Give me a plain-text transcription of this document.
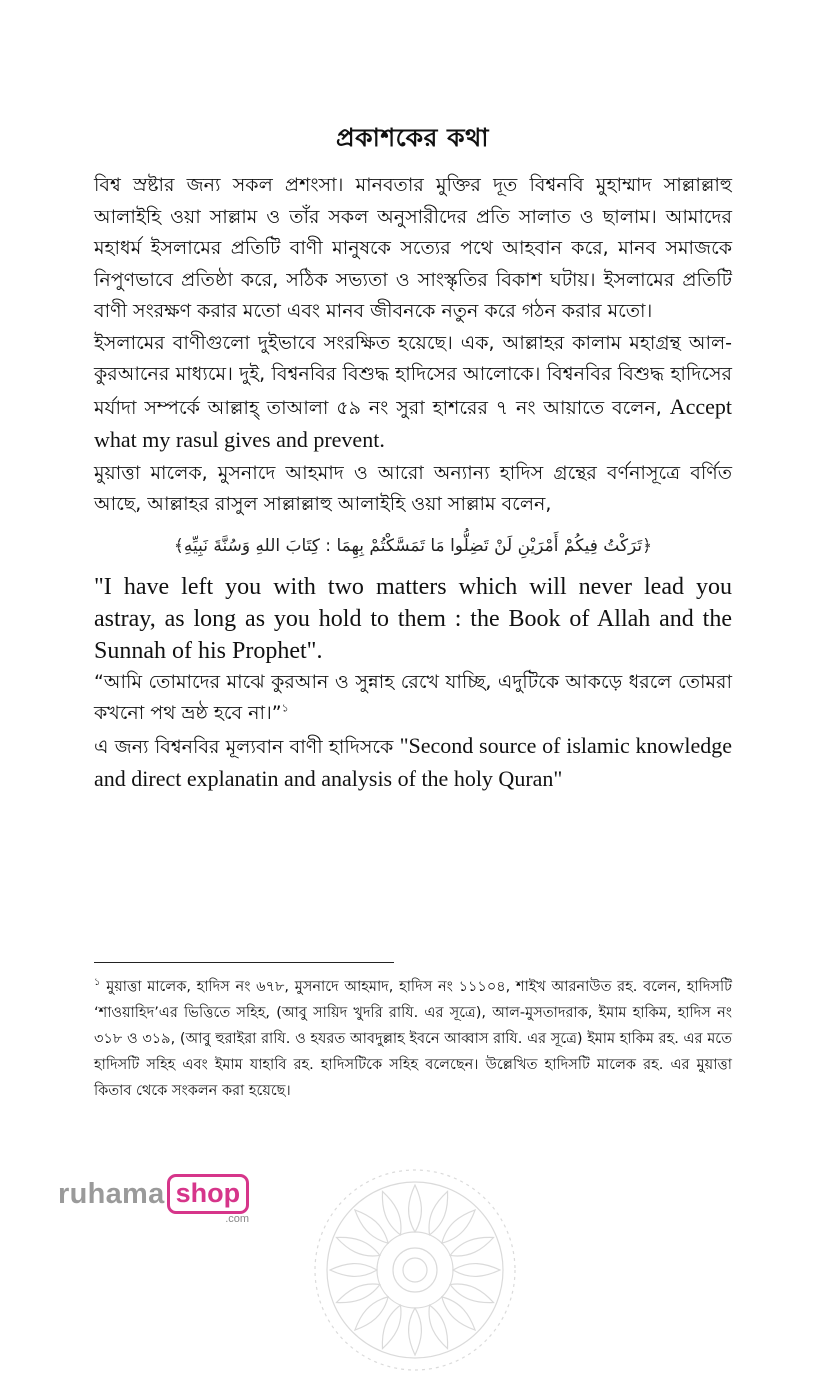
প্রকাশকের কথা

বিশ্ব স্রষ্টার জন্য সকল প্রশংসা। মানবতার মুক্তির দূত বিশ্বনবি মুহাম্মাদ সাল্লাল্লাহু আলাইহি ওয়া সাল্লাম ও তাঁর সকল অনুসারীদের প্রতি সালাত ও ছালাম। আমাদের মহাধর্ম ইসলামের প্রতিটি বাণী মানুষকে সত্যের পথে আহবান করে, মানব সমাজকে নিপুণভাবে প্রতিষ্ঠা করে, সঠিক সভ্যতা ও সাংস্কৃতির বিকাশ ঘটায়। ইসলামের প্রতিটি বাণী সংরক্ষণ করার মতো এবং মানব জীবনকে নতুন করে গঠন করার মতো।

ইসলামের বাণীগুলো দুইভাবে সংরক্ষিত হয়েছে। এক, আল্লাহর কালাম মহাগ্রন্থ আল-কুরআনের মাধ্যমে। দুই, বিশ্বনবির বিশুদ্ধ হাদিসের আলোকে। বিশ্বনবির বিশুদ্ধ হাদিসের মর্যাদা সম্পর্কে আল্লাহ্ তাআলা ৫৯ নং সুরা হাশরের ৭ নং আয়াতে বলেন, Accept what my rasul gives and prevent.

মুয়াত্তা মালেক, মুসনাদে আহমাদ ও আরো অন্যান্য হাদিস গ্রন্থের বর্ণনাসূত্রে বর্ণিত আছে, আল্লাহর রাসুল সাল্লাল্লাহু আলাইহি ওয়া সাল্লাম বলেন,

﴿تَرَكْتُ فِيكُمْ أَمْرَيْنِ لَنْ تَضِلُّوا مَا تَمَسَّكْتُمْ بِهِمَا : كِتَابَ اللهِ وَسُنَّةَ نَبِيِّهِ﴾

"I have left you with two matters which will never lead you astray, as long as you hold to them : the Book of Allah and the Sunnah of his Prophet".

“আমি তোমাদের মাঝে কুরআন ও সুন্নাহ রেখে যাচ্ছি, এদুটিকে আকড়ে ধরলে তোমরা কখনো পথ ভ্রষ্ঠ হবে না।”$^১$

এ জন্য বিশ্বনবির মূল্যবান বাণী হাদিসকে "Second source of islamic knowledge and direct explanatin and analysis of the holy Quran"

$^১$ মুয়াত্তা মালেক, হাদিস নং ৬৭৮, মুসনাদে আহমাদ, হাদিস নং ১১১০৪, শাইখ আরনাউত রহ. বলেন, হাদিসটি ‘শাওয়াহিদ’এর ভিত্তিতে সহিহ, (আবু সায়িদ খুদরি রাযি. এর সূত্রে), আল-মুসতাদরাক, ইমাম হাকিম, হাদিস নং ৩১৮ ও ৩১৯, (আবু হুরাইরা রাযি. ও হযরত আবদুল্লাহ ইবনে আব্বাস রাযি. এর সূত্রে) ইমাম হাকিম রহ. এর মতে হাদিসটি সহিহ এবং ইমাম যাহাবি রহ. হাদিসটিকে সহিহ বলেছেন। উল্লেখিত হাদিসটি মালেক রহ. এর মুয়াত্তা কিতাব থেকে সংকলন করা হয়েছে।
ruhama shop
.com
